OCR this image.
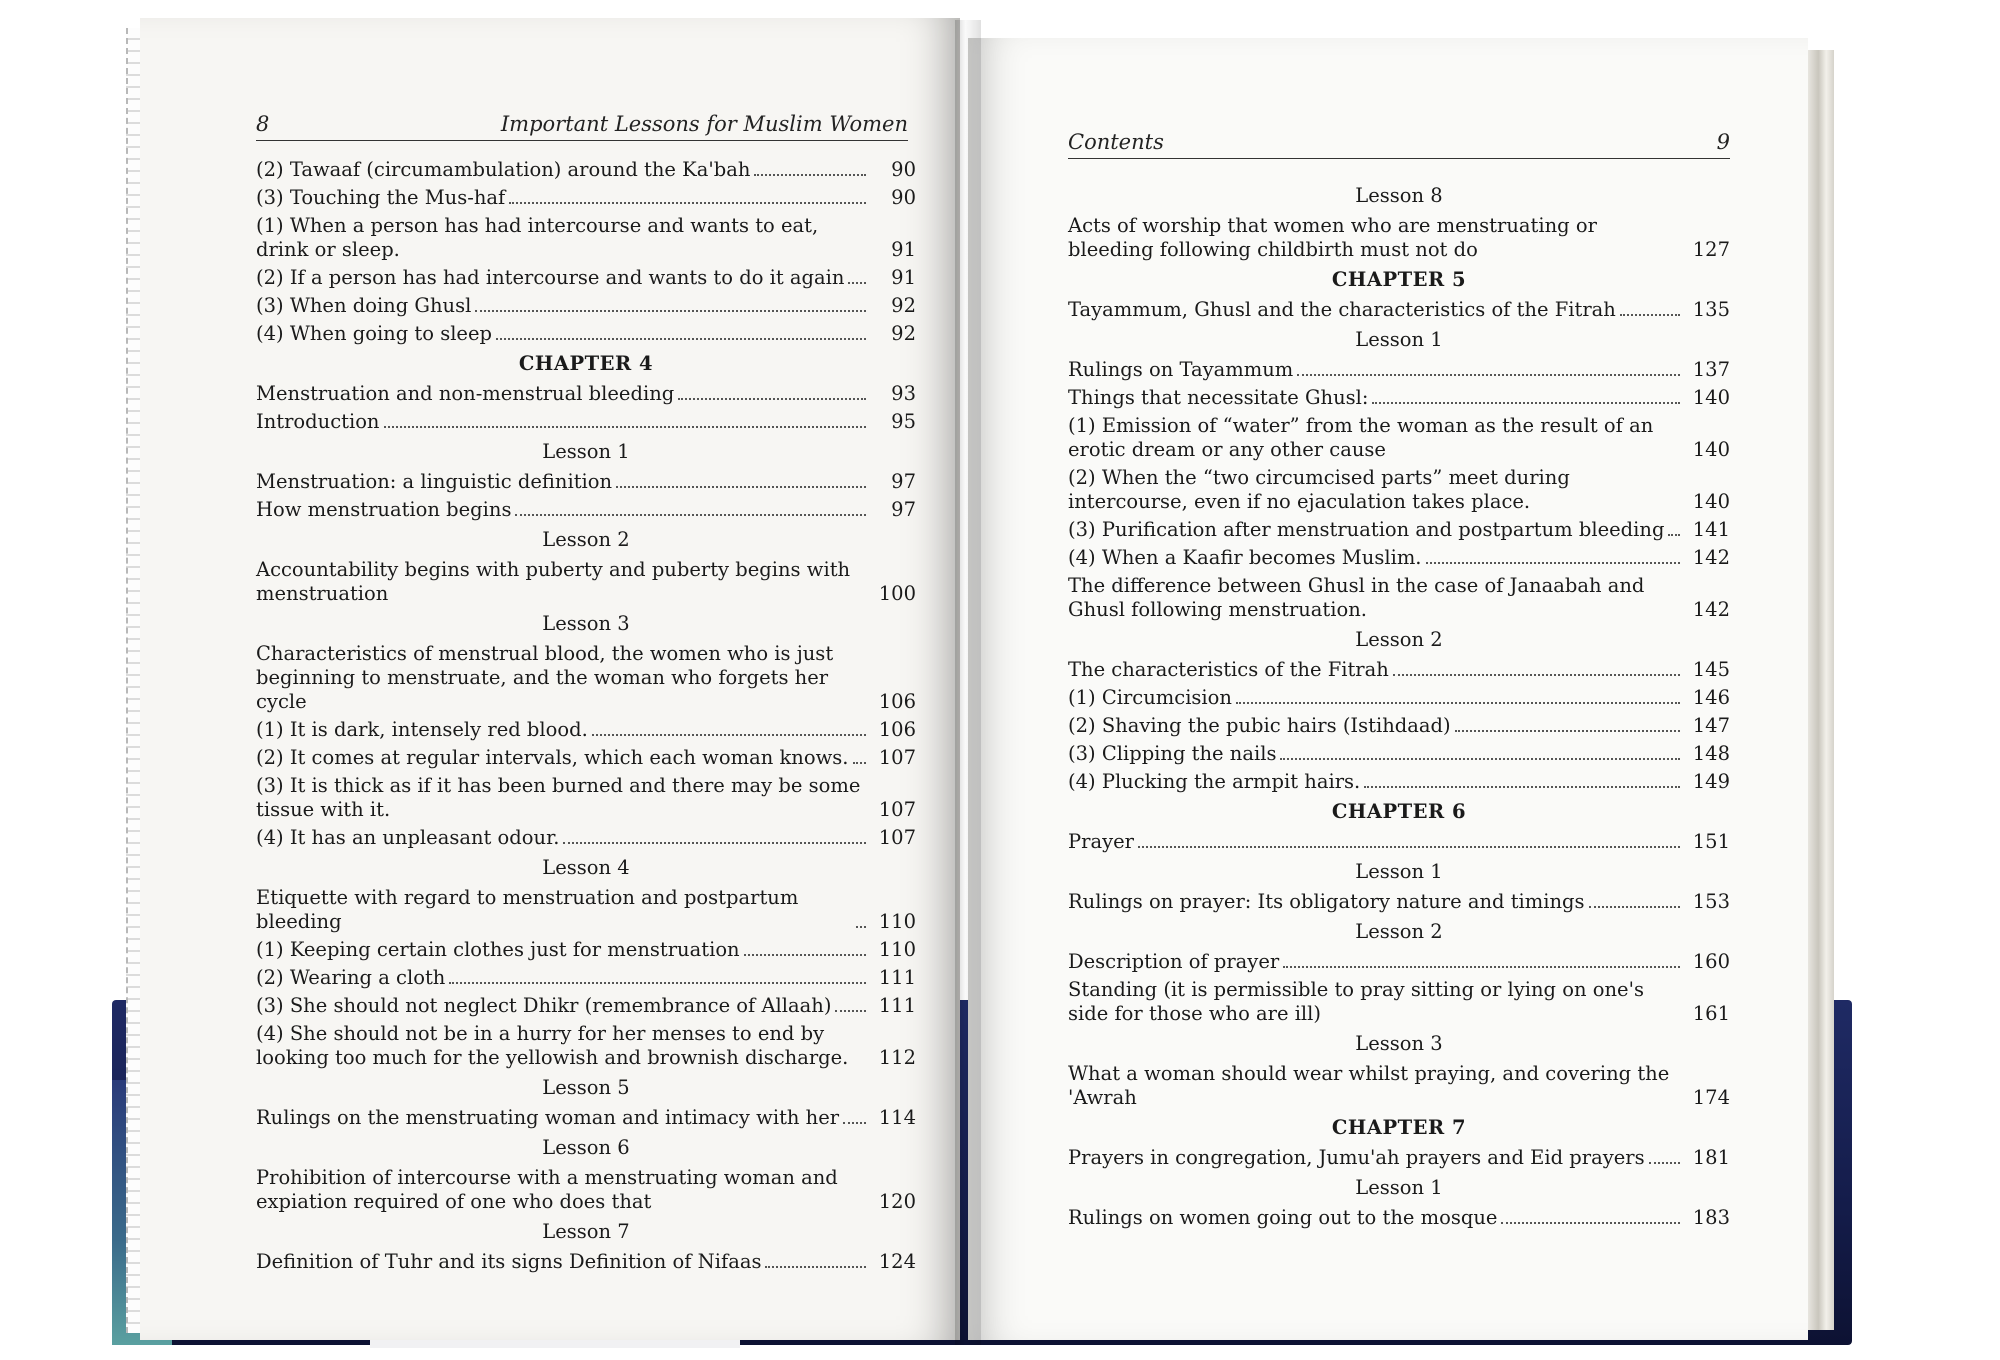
8	Important Lessons for Muslim Women
Contents	9
(2) Tawaaf (circumambulation) around the Ka'bah	90
(3) Touching the Mus-haf	90
(1) When a person has had intercourse and wants to eat, drink or sleep.	91
(2) If a person has had intercourse and wants to do it again	91
(3) When doing Ghusl	92
(4) When going to sleep	92
CHAPTER 4
Menstruation and non-menstrual bleeding	93
Introduction	95
Lesson 1
Menstruation: a linguistic definition	97
How menstruation begins	97
Lesson 2
Accountability begins with puberty and puberty begins with menstruation	100
Lesson 3
Characteristics of menstrual blood, the women who is just beginning to menstruate, and the woman who forgets her cycle	106
(1) It is dark, intensely red blood.	106
(2) It comes at regular intervals, which each woman knows.	107
(3) It is thick as if it has been burned and there may be some tissue with it.	107
(4) It has an unpleasant odour.	107
Lesson 4
Etiquette with regard to menstruation and postpartum bleeding	110
(1) Keeping certain clothes just for menstruation	110
(2) Wearing a cloth	111
(3) She should not neglect Dhikr (remembrance of Allaah)	111
(4) She should not be in a hurry for her menses to end by looking too much for the yellowish and brownish discharge.	112
Lesson 5
Rulings on the menstruating woman and intimacy with her	114
Lesson 6
Prohibition of intercourse with a menstruating woman and expiation required of one who does that	120
Lesson 7
Definition of Tuhr and its signs Definition of Nifaas	124
Lesson 8
Acts of worship that women who are menstruating or bleeding following childbirth must not do	127
CHAPTER 5
Tayammum, Ghusl and the characteristics of the Fitrah	135
Lesson 1
Rulings on Tayammum	137
Things that necessitate Ghusl:	140
(1) Emission of “water” from the woman as the result of an erotic dream or any other cause	140
(2) When the “two circumcised parts” meet during intercourse, even if no ejaculation takes place.	140
(3) Purification after menstruation and postpartum bleeding	141
(4) When a Kaafir becomes Muslim.	142
The difference between Ghusl in the case of Janaabah and Ghusl following menstruation.	142
Lesson 2
The characteristics of the Fitrah	145
(1) Circumcision	146
(2) Shaving the pubic hairs (Istihdaad)	147
(3) Clipping the nails	148
(4) Plucking the armpit hairs.	149
CHAPTER 6
Prayer	151
Lesson 1
Rulings on prayer: Its obligatory nature and timings	153
Lesson 2
Description of prayer	160
Standing (it is permissible to pray sitting or lying on one's side for those who are ill)	161
Lesson 3
What a woman should wear whilst praying, and covering the 'Awrah	174
CHAPTER 7
Prayers in congregation, Jumu'ah prayers and Eid prayers	181
Lesson 1
Rulings on women going out to the mosque	183
